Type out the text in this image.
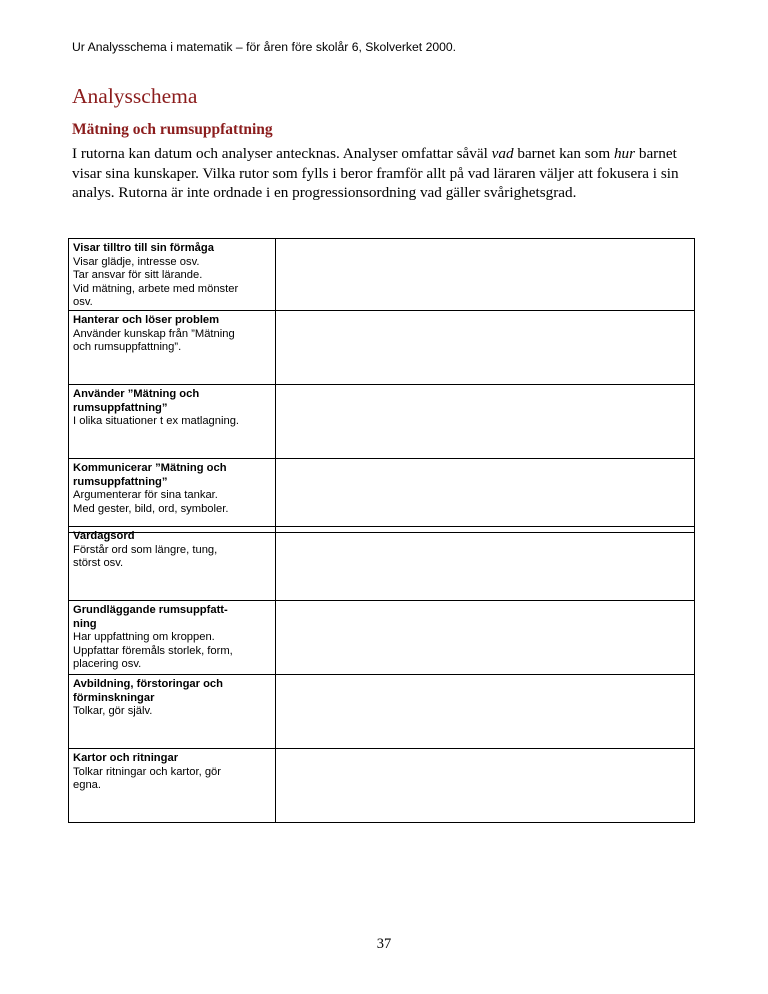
Ur Analysschema i matematik – för åren före skolår 6, Skolverket 2000.
Analysschema
Mätning och rumsuppfattning
I rutorna kan datum och analyser antecknas. Analyser omfattar såväl vad barnet kan som hur barnet
visar sina kunskaper. Vilka rutor som fylls i beror framför allt på vad läraren väljer att fokusera i sin
analys. Rutorna är inte ordnade i en progressionsordning vad gäller svårighetsgrad.
Visar tilltro till sin förmåga
Visar glädje, intresse osv.
Tar ansvar för sitt lärande.
Vid mätning, arbete med mönster
osv.	

Hanterar och löser problem
Använder kunskap från ”Mätning
och rumsuppfattning”.	

Använder ”Mätning och
rumsuppfattning”
I olika situationer t ex matlagning.	

Kommunicerar ”Mätning och
rumsuppfattning”
Argumenterar för sina tankar.
Med gester, bild, ord, symboler.	

Vardagsord
Förstår ord som längre, tung,
störst osv.	

Grundläggande rumsuppfatt-
ning
Har uppfattning om kroppen.
Uppfattar föremåls storlek, form,
placering osv.	

Avbildning, förstoringar och
förminskningar
Tolkar, gör själv.	

Kartor och ritningar
Tolkar ritningar och kartor, gör
egna.	

37
